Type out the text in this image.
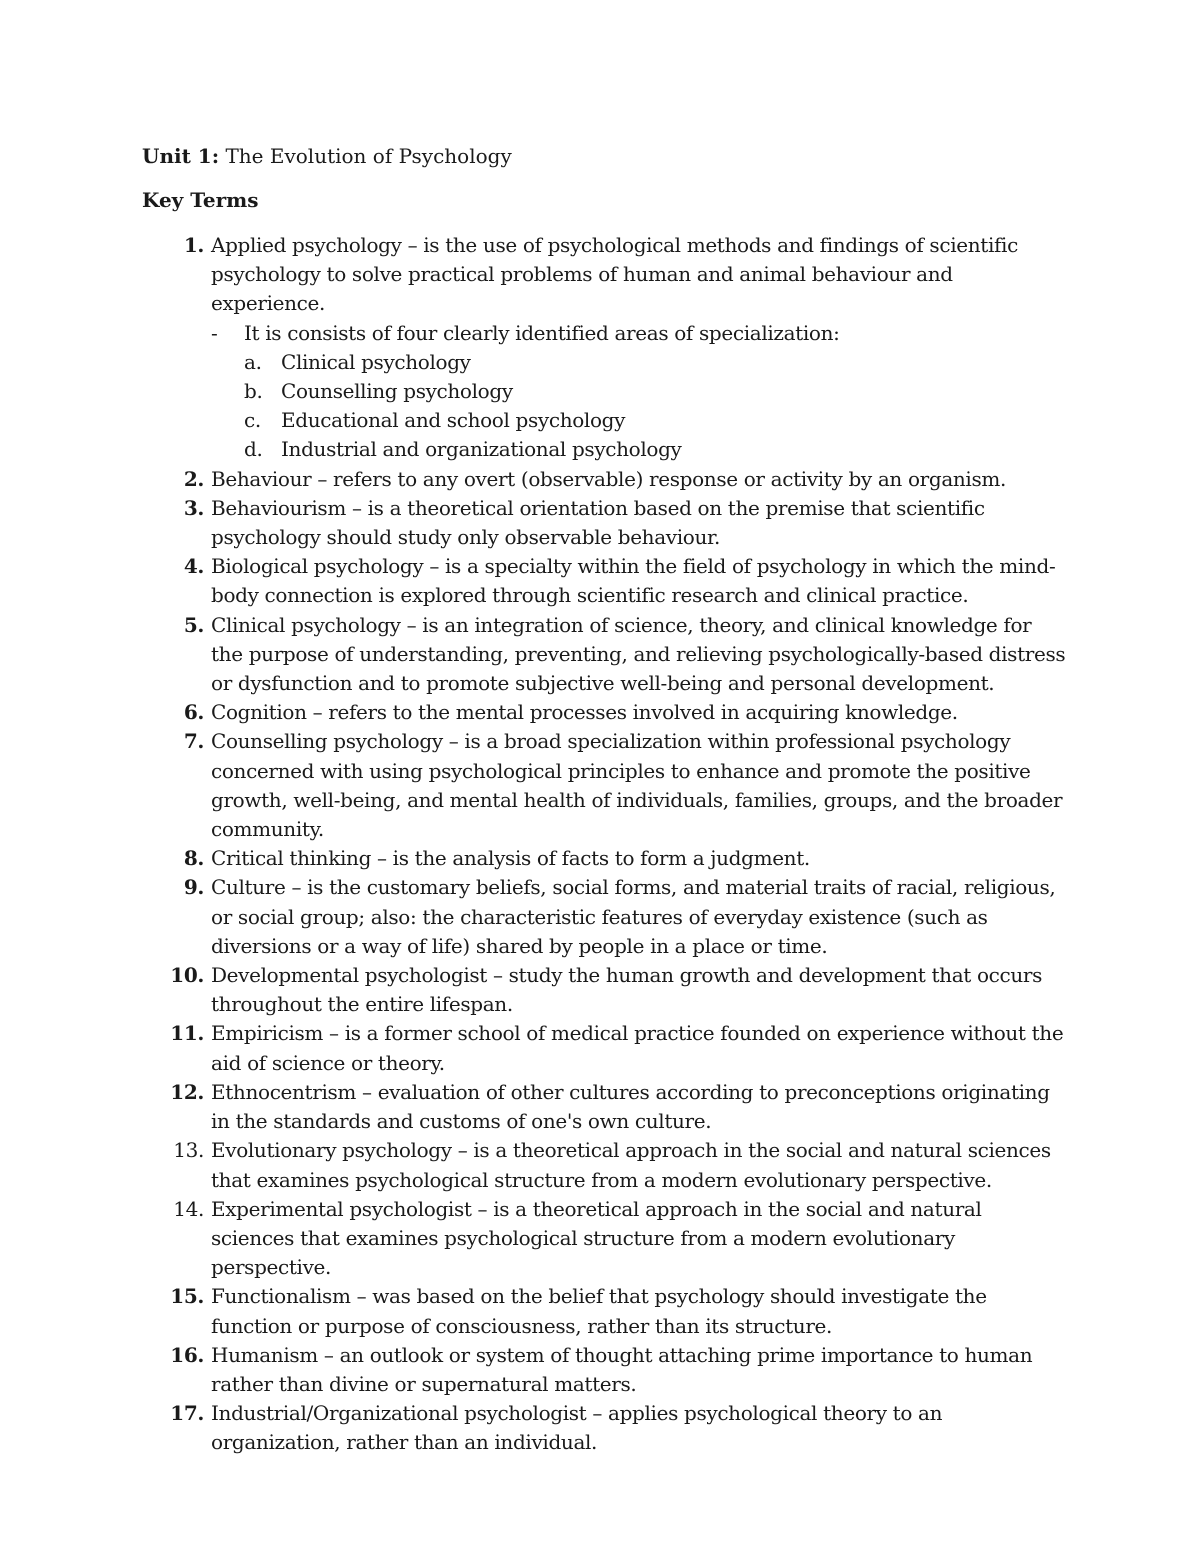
Unit 1: The Evolution of Psychology
Key Terms
1. Applied psychology – is the use of psychological methods and findings of scientific psychology to solve practical problems of human and animal behaviour and experience.
- It is consists of four clearly identified areas of specialization:
a. Clinical psychology
b. Counselling psychology
c. Educational and school psychology
d. Industrial and organizational psychology
2. Behaviour – refers to any overt (observable) response or activity by an organism.
3. Behaviourism – is a theoretical orientation based on the premise that scientific psychology should study only observable behaviour.
4. Biological psychology – is a specialty within the field of psychology in which the mind-body connection is explored through scientific research and clinical practice.
5. Clinical psychology – is an integration of science, theory, and clinical knowledge for the purpose of understanding, preventing, and relieving psychologically-based distress or dysfunction and to promote subjective well-being and personal development.
6. Cognition – refers to the mental processes involved in acquiring knowledge.
7. Counselling psychology – is a broad specialization within professional psychology concerned with using psychological principles to enhance and promote the positive growth, well-being, and mental health of individuals, families, groups, and the broader community.
8. Critical thinking – is the analysis of facts to form a judgment.
9. Culture – is the customary beliefs, social forms, and material traits of racial, religious, or social group; also: the characteristic features of everyday existence (such as diversions or a way of life) shared by people in a place or time.
10. Developmental psychologist – study the human growth and development that occurs throughout the entire lifespan.
11. Empiricism – is a former school of medical practice founded on experience without the aid of science or theory.
12. Ethnocentrism – evaluation of other cultures according to preconceptions originating in the standards and customs of one's own culture.
13. Evolutionary psychology – is a theoretical approach in the social and natural sciences that examines psychological structure from a modern evolutionary perspective.
14. Experimental psychologist – is a theoretical approach in the social and natural sciences that examines psychological structure from a modern evolutionary perspective.
15. Functionalism – was based on the belief that psychology should investigate the function or purpose of consciousness, rather than its structure.
16. Humanism – an outlook or system of thought attaching prime importance to human rather than divine or supernatural matters.
17. Industrial/Organizational psychologist – applies psychological theory to an organization, rather than an individual.
